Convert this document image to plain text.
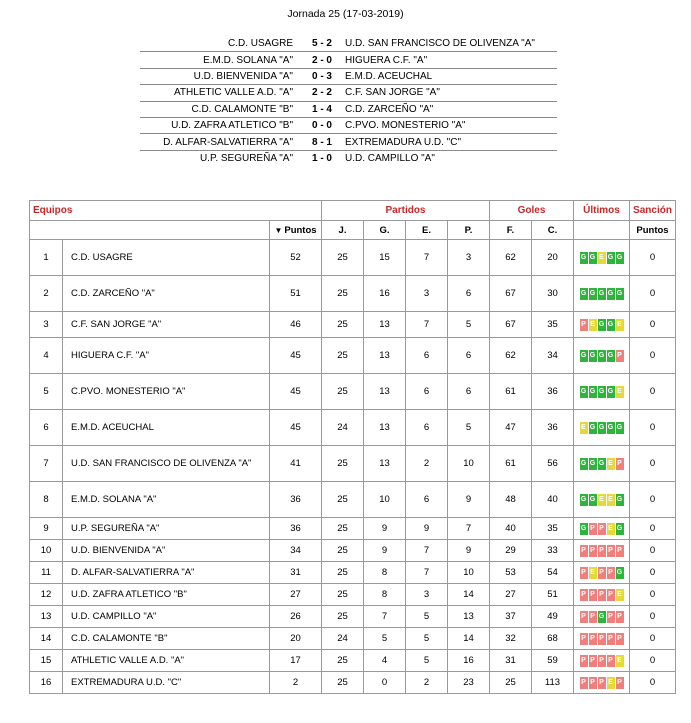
Jornada 25 (17-03-2019)
C.D. USAGRE	5 - 2	U.D. SAN FRANCISCO DE OLIVENZA "A"
E.M.D. SOLANA "A"	2 - 0	HIGUERA C.F. "A"
U.D. BIENVENIDA "A"	0 - 3	E.M.D. ACEUCHAL
ATHLETIC VALLE A.D. "A"	2 - 2	C.F. SAN JORGE "A"
C.D. CALAMONTE "B"	1 - 4	C.D. ZARCEÑO "A"
U.D. ZAFRA ATLETICO "B"	0 - 0	C.PVO. MONESTERIO "A"
D. ALFAR-SALVATIERRA "A"	8 - 1	EXTREMADURA U.D. "C"
U.P. SEGUREÑA "A"	1 - 0	U.D. CAMPILLO "A"
Equipos			Partidos				Goles		Últimos	Sanción
		▼ Puntos	J.	G.	E.	P.	F.	C.		Puntos
1	C.D. USAGRE	52	25	15	7	3	62	20	G G E G G	0
2	C.D. ZARCEÑO "A"	51	25	16	3	6	67	30	G G G G G	0
3	C.F. SAN JORGE "A"	46	25	13	7	5	67	35	P E G G E	0
4	HIGUERA C.F. "A"	45	25	13	6	6	62	34	G G G G P	0
5	C.PVO. MONESTERIO "A"	45	25	13	6	6	61	36	G G G G E	0
6	E.M.D. ACEUCHAL	45	24	13	6	5	47	36	E G G G G	0
7	U.D. SAN FRANCISCO DE OLIVENZA "A"	41	25	13	2	10	61	56	G G G E P	0
8	E.M.D. SOLANA "A"	36	25	10	6	9	48	40	G G E E G	0
9	U.P. SEGUREÑA "A"	36	25	9	9	7	40	35	G P P E G	0
10	U.D. BIENVENIDA "A"	34	25	9	7	9	29	33	P P P P P	0
11	D. ALFAR-SALVATIERRA "A"	31	25	8	7	10	53	54	P E P P G	0
12	U.D. ZAFRA ATLETICO "B"	27	25	8	3	14	27	51	P P P P E	0
13	U.D. CAMPILLO "A"	26	25	7	5	13	37	49	P P G P P	0
14	C.D. CALAMONTE "B"	20	24	5	5	14	32	68	P P P P P	0
15	ATHLETIC VALLE A.D. "A"	17	25	4	5	16	31	59	P P P P E	0
16	EXTREMADURA U.D. "C"	2	25	0	2	23	25	113	P P P E P	0
